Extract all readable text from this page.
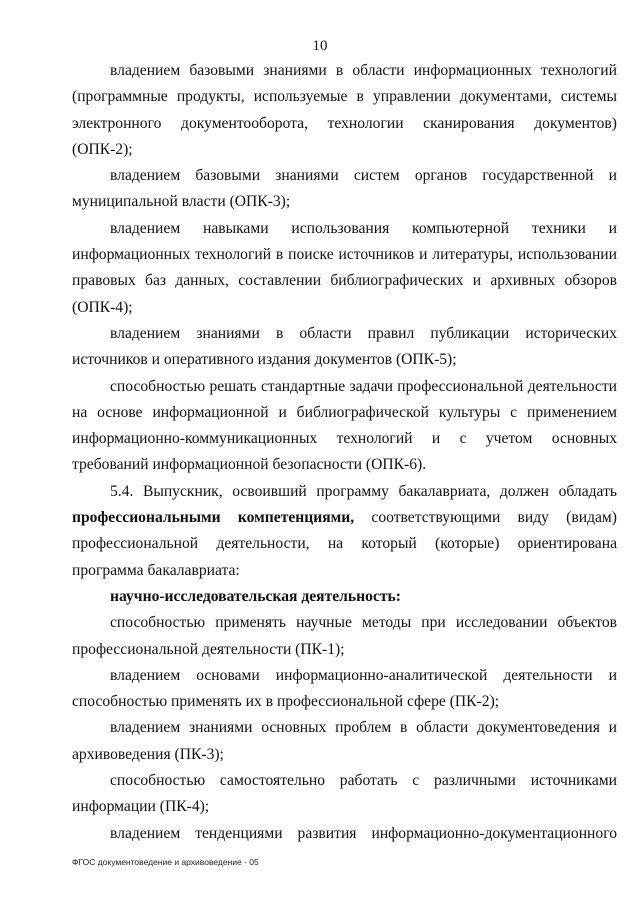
10

владением базовыми знаниями в области информационных технологий (программные продукты, используемые в управлении документами, системы электронного документооборота, технологии сканирования документов) (ОПК-2);

владением базовыми знаниями систем органов государственной и муниципальной власти (ОПК-3);

владением навыками использования компьютерной техники и информационных технологий в поиске источников и литературы, использовании правовых баз данных, составлении библиографических и архивных обзоров (ОПК-4);

владением знаниями в области правил публикации исторических источников и оперативного издания документов (ОПК-5);

способностью решать стандартные задачи профессиональной деятельности на основе информационной и библиографической культуры с применением информационно-коммуникационных технологий и с учетом основных требований информационной безопасности (ОПК-6).

5.4. Выпускник, освоивший программу бакалавриата, должен обладать профессиональными компетенциями, соответствующими виду (видам) профессиональной деятельности, на который (которые) ориентирована программа бакалавриата:

научно-исследовательская деятельность:

способностью применять научные методы при исследовании объектов профессиональной деятельности (ПК-1);

владением основами информационно-аналитической деятельности и способностью применять их в профессиональной сфере (ПК-2);

владением знаниями основных проблем в области документоведения и архивоведения (ПК-3);

способностью самостоятельно работать с различными источниками информации (ПК-4);

владением тенденциями развития информационно-документационного

ФГОС документоведение и архивоведение - 05
